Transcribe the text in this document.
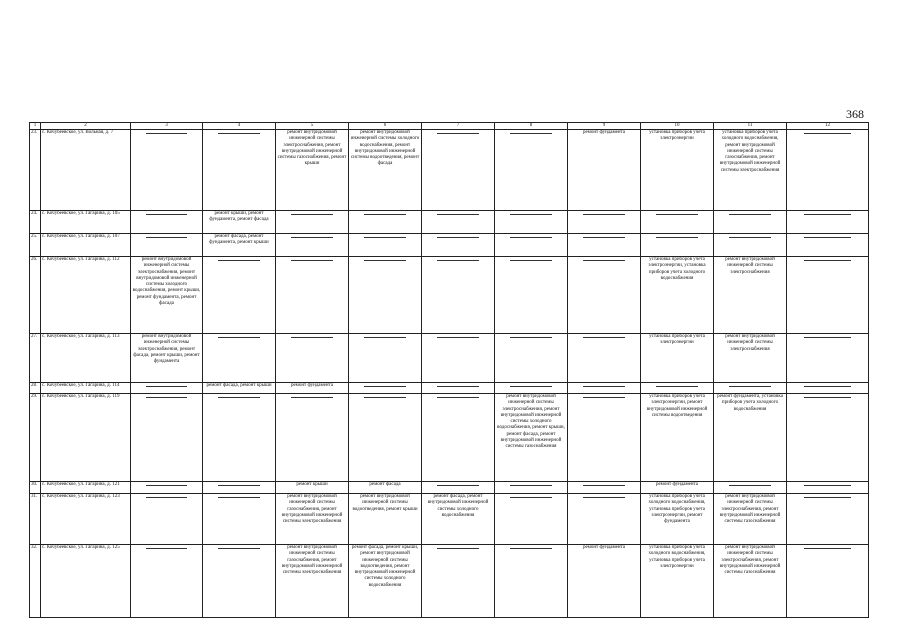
368
1	2	3	4	5	6	7	8	9	10	11	12
23.	с. Кочубеевское, ул. Вольная, д. 7			ремонт внутридомовой инженерной системы электроснабжения, ремонт внутридомовой инженерной системы газоснабжения, ремонт крыши	ремонт внутридомовой инженерной системы холодного водоснабжения, ремонт внутридомовой инженерной системы водоотведения, ремонт фасада			ремонт фундамента	установка приборов учета электроэнергии	установка приборов учета холодного водоснабжения, ремонт внутридомовой инженерной системы газоснабжения, ремонт внутридомовой инженерной системы электроснабжения	

24.	с. Кочубеевское, ул. Гагарина, д. 105		ремонт крыши, ремонт фундамента, ремонт фасада	

25.	с. Кочубеевское, ул. Гагарина, д. 107		ремонт фасада, ремонт фундамента, ремонт крыши	

26.	с. Кочубеевское, ул. Гагарина, д. 112	ремонт внутридомовой инженерной системы электроснабжения, ремонт внутридомовой инженерной системы холодного водоснабжения, ремонт крыши, ремонт фундамента, ремонт фасада							установка приборов учета электроэнергии, установка приборов учета холодного водоснабжения	ремонт внутридомовой инженерной системы электроснабжения	

27.	с. Кочубеевское, ул. Гагарина, д. 113	ремонт внутридомовой инженерной системы электроснабжения, ремонт фасада, ремонт крыши, ремонт фундамента							установка приборов учета электроэнергии	ремонт внутридомовой инженерной системы электроснабжения	

28.	с. Кочубеевское, ул. Гагарина, д. 114		ремонт фасада, ремонт крыши	ремонт фундамента	

29.	с. Кочубеевское, ул. Гагарина, д. 119						ремонт внутридомовой инженерной системы электроснабжения, ремонт внутридомовой инженерной системы холодного водоснабжения, ремонт крыши, ремонт фасада, ремонт внутридомовой инженерной системы газоснабжения		установка приборов учета электроэнергии, ремонт внутридомовой инженерной системы водоотведения	ремонт фундамента, установка приборов учета холодного водоснабжения	

30.	с. Кочубеевское, ул. Гагарина, д. 121			ремонт крыши	ремонт фасада				ремонт фундамента	

31.	с. Кочубеевское, ул. Гагарина, д. 123			ремонт внутридомовой инженерной системы газоснабжения, ремонт внутридомовой инженерной системы электроснабжения	ремонт внутридомовой инженерной системы водоотведения, ремонт крыши	ремонт фасада, ремонт внутридомовой инженерной системы холодного водоснабжения			установка приборов учета холодного водоснабжения, установка приборов учета электроэнергии, ремонт фундамента	ремонт внутридомовой инженерной системы электроснабжения, ремонт внутридомовой инженерной системы газоснабжения	

32.	с. Кочубеевское, ул. Гагарина, д. 125			ремонт внутридомовой инженерной системы газоснабжения, ремонт внутридомовой инженерной системы электроснабжения	ремонт фасада, ремонт крыши, ремонт внутридомовой инженерной системы водоотведения, ремонт внутридомовой инженерной системы холодного водоснабжения			ремонт фундамента	установка приборов учета холодного водоснабжения, установка приборов учета электроэнергии	ремонт внутридомовой инженерной системы электроснабжения, ремонт внутридомовой инженерной системы газоснабжения	
